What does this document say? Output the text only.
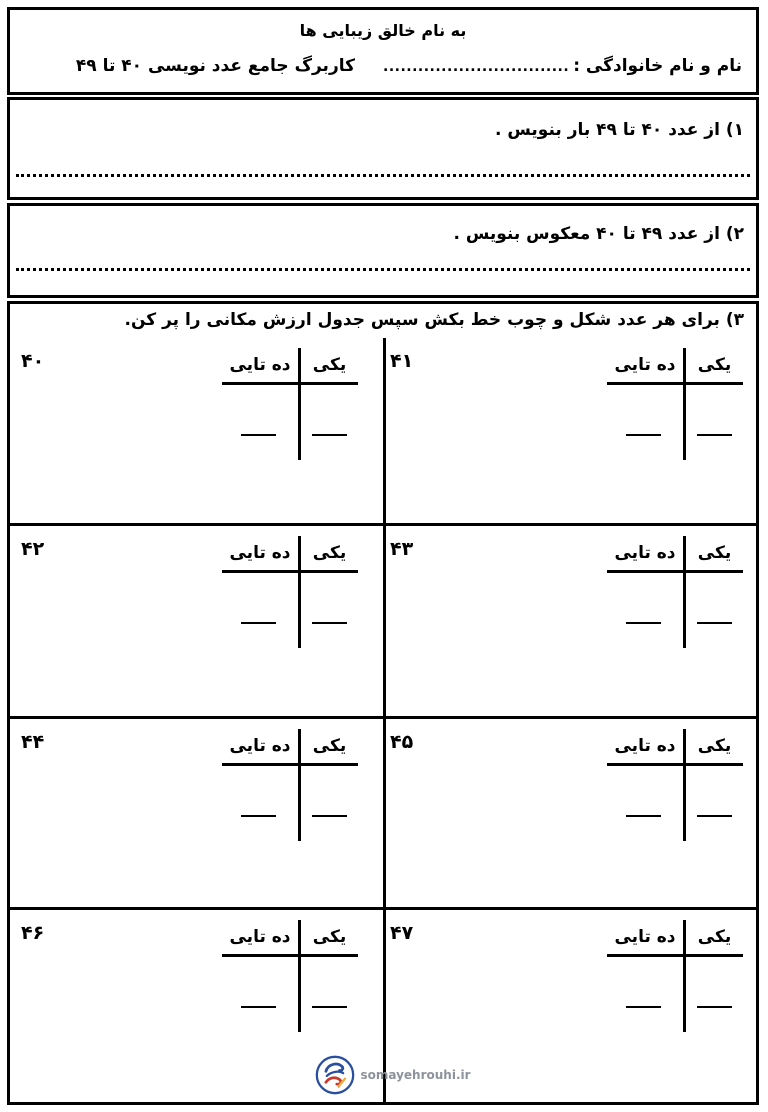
به نام خالق زیبایی ها
نام و نام خانوادگی :
................................
کاربرگ جامع عدد نویسی ۴۰ تا ۴۹
۱) از عدد ۴۰ تا ۴۹ بار بنویس .
۲) از عدد ۴۹ تا ۴۰ معکوس بنویس .
۳) برای هر عدد شکل و چوب خط بکش سپس جدول ارزش مکانی را پر کن.
۴۰	ده تایی	یکی	۴۱	ده تایی	یکی
۴۲	ده تایی	یکی	۴۳	ده تایی	یکی
۴۴	ده تایی	یکی	۴۵	ده تایی	یکی
۴۶	ده تایی	یکی	۴۷	ده تایی	یکی
somayehrouhi.ir
